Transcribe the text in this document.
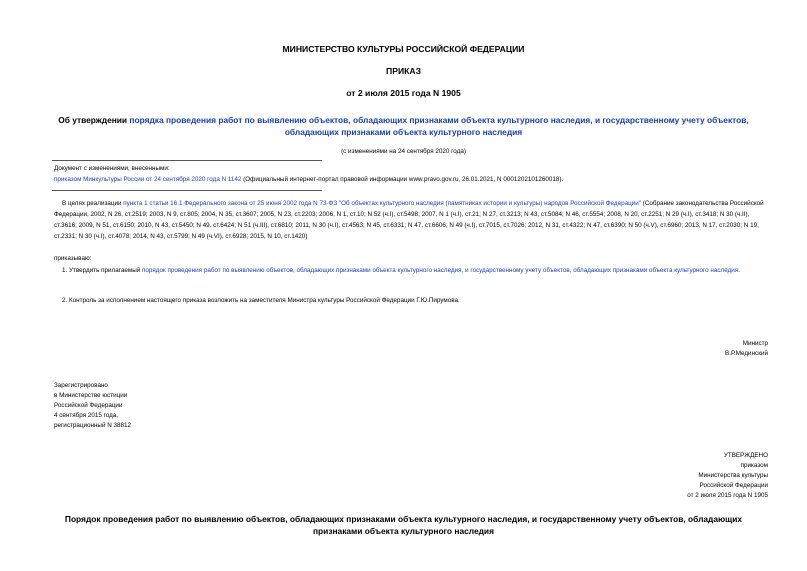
МИНИСТЕРСТВО КУЛЬТУРЫ РОССИЙСКОЙ ФЕДЕРАЦИИ
ПРИКАЗ
от 2 июля 2015 года N 1905
Об утверждении порядка проведения работ по выявлению объектов, обладающих признаками объекта культурного наследия, и государственному учету объектов, обладающих признаками объекта культурного наследия
(с изменениями на 24 сентября 2020 года)
Документ с изменениями, внесенными:
приказом Минкультуры России от 24 сентября 2020 года N 1142 (Официальный интернет-портал правовой информации www.pravo.gov.ru, 26.01.2021, N 0001202101260018).
В целях реализации пункта 1 статьи 16.1 Федерального закона от 25 июня 2002 года N 73-ФЗ "Об объектах культурного наследия (памятниках истории и культуры) народов Российской Федерации" (Собрание законодательства Российской Федерации, 2002, N 26, ст.2519; 2003, N 9, ст.805; 2004, N 35, ст.3607; 2005, N 23, ст.2203; 2006, N 1, ст.10; N 52 (ч.I), ст.5498; 2007, N 1 (ч.I), ст.21; N 27, ст.3213; N 43, ст.5084; N 46, ст.5554; 2008, N 20, ст.2251; N 29 (ч.I), ст.3418; N 30 (ч.II), ст.3616; 2009, N 51, ст.6150; 2010, N 43, ст.5450; N 49, ст.6424; N 51 (ч.III), ст.6810; 2011, N 30 (ч.I), ст.4563; N 45, ст.6331; N 47, ст.6606; N 49 (ч.I), ст.7015, ст.7026; 2012, N 31, ст.4322; N 47, ст.6390; N 50 (ч.V), ст.6960; 2013, N 17, ст.2030; N 19, ст.2331; N 30 (ч.I), ст.4078; 2014, N 43, ст.5799; N 49 (ч.VI), ст.6928; 2015, N 10, ст.1420)
приказываю:
1. Утвердить прилагаемый порядок проведения работ по выявлению объектов, обладающих признаками объекта культурного наследия, и государственному учету объектов, обладающих признаками объекта культурного наследия.
2. Контроль за исполнением настоящего приказа возложить на заместителя Министра культуры Российской Федерации Г.Ю.Пирумова.
Министр
В.Р.Мединский

Зарегистрировано

в Министерстве юстиции

Российской Федерации

4 сентября 2015 года,

регистрационный N 38812

УТВЕРЖДЕНО

приказом

Министерства культуры

Российской Федерации

от 2 июля 2015 года N 1905

Порядок проведения работ по выявлению объектов, обладающих признаками объекта культурного наследия, и государственному учету объектов, обладающих признаками объекта культурного наследия
